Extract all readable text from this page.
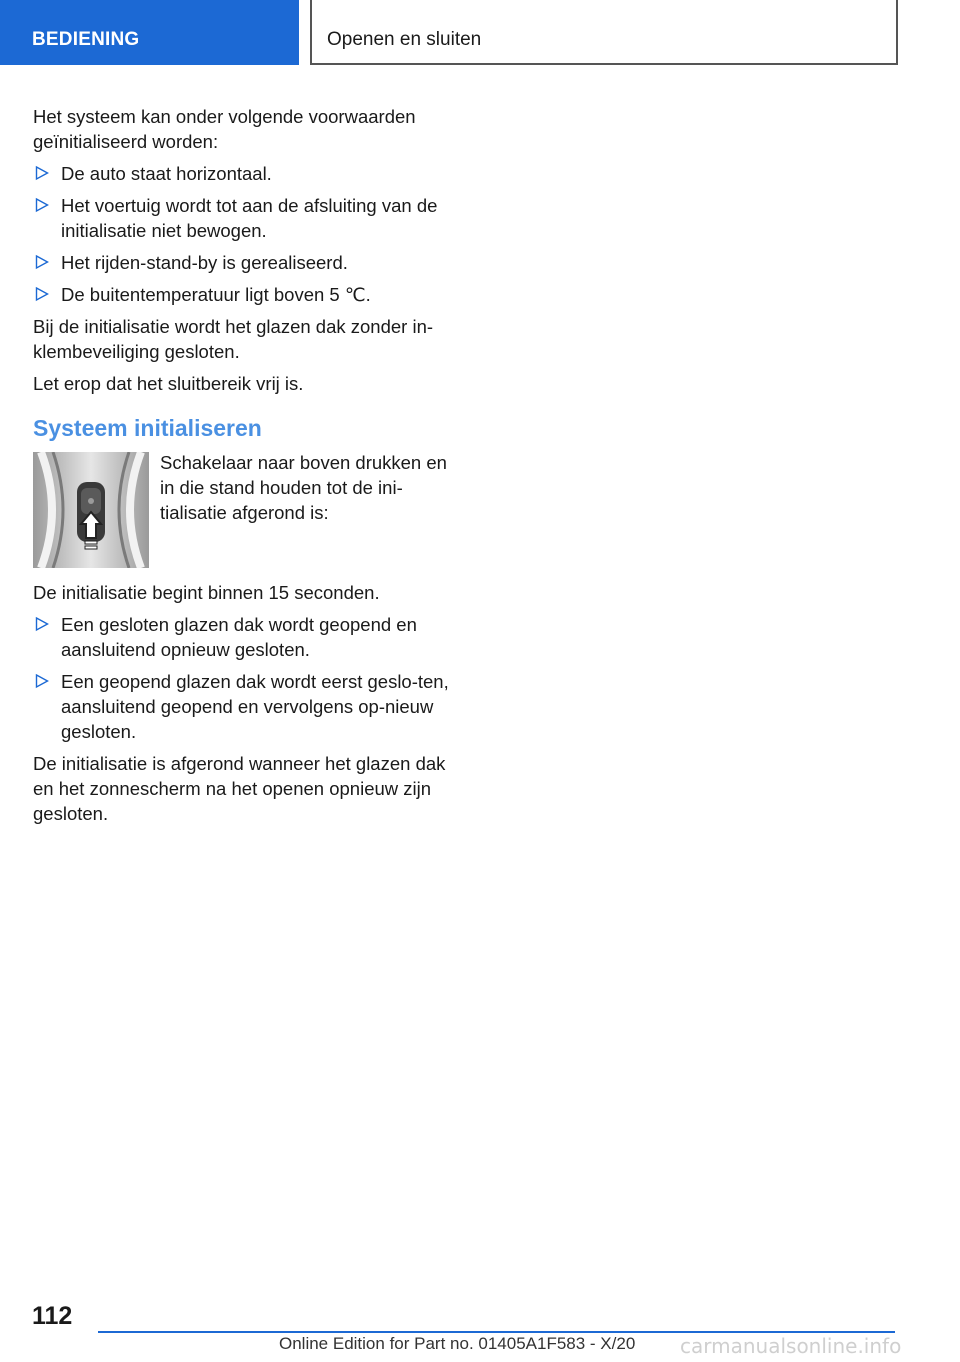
BEDIENING	Openen en sluiten

Het systeem kan onder volgende voorwaarden geïnitialiseerd worden:

De auto staat horizontaal.
Het voertuig wordt tot aan de afsluiting van de initialisatie niet bewogen.
Het rijden-stand-by is gerealiseerd.
De buitentemperatuur ligt boven 5 ℃.

Bij de initialisatie wordt het glazen dak zonder in-klembeveiliging gesloten.

Let erop dat het sluitbereik vrij is.

Systeem initialiseren
Schakelaar naar boven drukken en in die stand houden tot de ini-tialisatie afgerond is:

De initialisatie begint binnen 15 seconden.

Een gesloten glazen dak wordt geopend en aansluitend opnieuw gesloten.
Een geopend glazen dak wordt eerst geslo-ten, aansluitend geopend en vervolgens op-nieuw gesloten.

De initialisatie is afgerond wanneer het glazen dak en het zonnescherm na het openen opnieuw zijn gesloten.

112
Online Edition for Part no. 01405A1F583 - X/20 carmanualsonline.info
